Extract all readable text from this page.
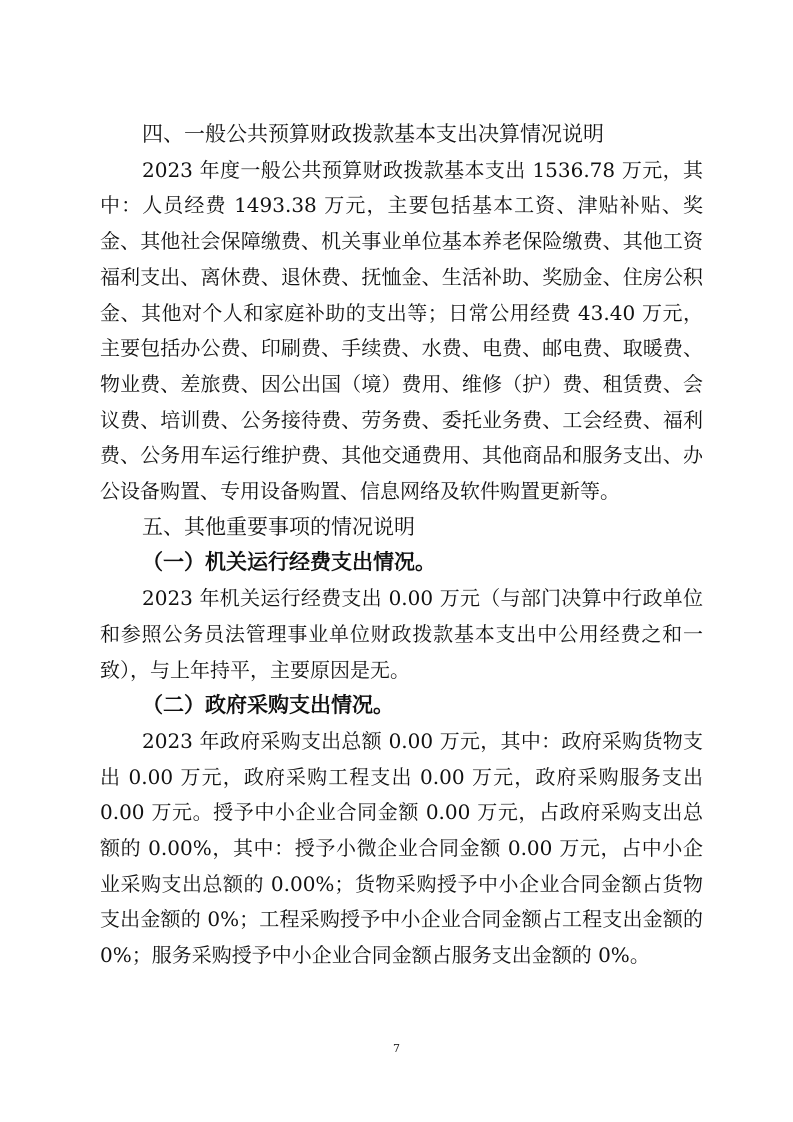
四、一般公共预算财政拨款基本支出决算情况说明

2023 年度一般公共预算财政拨款基本支出 1536.78 万元，其中：人员经费 1493.38 万元，主要包括基本工资、津贴补贴、奖金、其他社会保障缴费、机关事业单位基本养老保险缴费、其他工资福利支出、离休费、退休费、抚恤金、生活补助、奖励金、住房公积金、其他对个人和家庭补助的支出等；日常公用经费 43.40 万元，主要包括办公费、印刷费、手续费、水费、电费、邮电费、取暖费、物业费、差旅费、因公出国（境）费用、维修（护）费、租赁费、会议费、培训费、公务接待费、劳务费、委托业务费、工会经费、福利费、公务用车运行维护费、其他交通费用、其他商品和服务支出、办公设备购置、专用设备购置、信息网络及软件购置更新等。

五、其他重要事项的情况说明

（一）机关运行经费支出情况。

2023 年机关运行经费支出 0.00 万元（与部门决算中行政单位和参照公务员法管理事业单位财政拨款基本支出中公用经费之和一致），与上年持平，主要原因是无。

（二）政府采购支出情况。

2023 年政府采购支出总额 0.00 万元，其中：政府采购货物支出 0.00 万元，政府采购工程支出 0.00 万元，政府采购服务支出 0.00 万元。授予中小企业合同金额 0.00 万元，占政府采购支出总额的 0.00%，其中：授予小微企业合同金额 0.00 万元，占中小企业采购支出总额的 0.00%；货物采购授予中小企业合同金额占货物支出金额的 0%；工程采购授予中小企业合同金额占工程支出金额的 0%；服务采购授予中小企业合同金额占服务支出金额的 0%。

7
